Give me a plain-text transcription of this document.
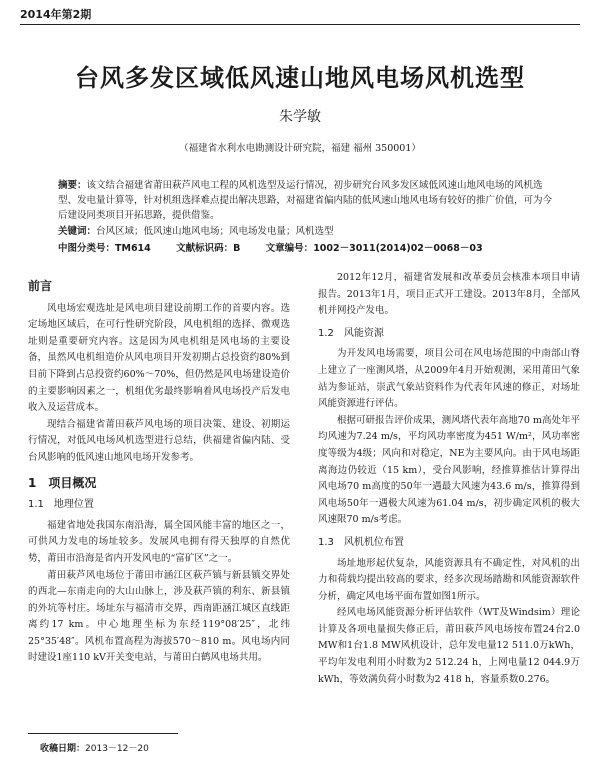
2014年第2期
台风多发区域低风速山地风电场风机选型
朱学敏
（福建省水利水电勘测设计研究院，福建 福州 350001）
摘要：该文结合福建省莆田萩芦风电工程的风机选型及运行情况，初步研究台风多发区域低风速山地风电场的风机选型、发电量计算等，针对机组选择难点提出解决思路，对福建省偏内陆的低风速山地风电场有较好的推广价值，可为今后建设同类项目开拓思路，提供借鉴。
关键词：台风区域；低风速山地风电场；风电场发电量；风机选型
中图分类号：TM614	文献标识码：B	文章编号：1002－3011(2014)02－0068－03
前言

风电场宏观选址是风电项目建设前期工作的首要内容。选定场地区域后，在可行性研究阶段，风电机组的选择、微观选址则是重要研究内容。这是因为风电机组是风电场的主要设备，虽然风电机组造价从风电项目开发初期占总投资约80%到目前下降到占总投资约60%～70%，但仍然是风电场建设造价的主要影响因素之一，机组优劣最终影响着风电场投产后发电收入及运营成本。

现结合福建省莆田萩芦风电场的项目决策、建设、初期运行情况，对低风电场风机选型进行总结，供福建省偏内陆、受台风影响的低风速山地风电场开发参考。

1　项目概况
1.1　地理位置

福建省地处我国东南沿海，属全国风能丰富的地区之一，可供风力发电的场址较多。发展风电拥有得天独厚的自然优势，莆田市沿海是省内开发风电的“富矿区”之一。

莆田萩芦风电场位于莆田市涵江区萩芦镇与新县镇交界处的西北—东南走向的大山山脉上，涉及萩芦镇的利东、新县镇的外坑等村庄。场址东与福清市交界，西南距涵江城区直线距离约17 km。中心地理坐标为东经119°08′25″，北纬25°35′48″。风机布置高程为海拔570～810 m。风电场内同时建设1座110 kV开关变电站，与莆田白鹤风电场共用。

2012年12月，福建省发展和改革委员会核准本项目申请报告。2013年1月，项目正式开工建设。2013年8月，全部风机并网投产发电。

1.2　风能资源

为开发风电场需要，项目公司在风电场范围的中南部山脊上建立了一座测风塔，从2009年4月开始观测，采用莆田气象站为参证站，崇武气象站资料作为代表年风速的修正，对场址风能资源进行评估。

根据可研报告评价成果，测风塔代表年高地70 m高处年平均风速为7.24 m/s，平均风功率密度为451 W/m²，风功率密度等级为4级；风向和对稳定，NE为主要风向。由于风电场距离海边仍较近（15 km），受台风影响，经推算推估计算得出风电场70 m高度的50年一遇最大风速为43.6 m/s，推算得到风电场50年一遇极大风速为61.04 m/s，初步确定风机的极大风速限70 m/s考虑。

1.3　风机机位布置

场址地形起伏复杂，风能资源具有不确定性，对风机的出力和荷载均提出较高的要求，经多次现场踏勘和风能资源软件分析，确定风电场平面布置如图1所示。

经风电场风能资源分析评估软件（WT及Windsim）理论计算及各项电量损失修正后，莆田萩芦风电场按布置24台2.0 MW和1台1.8 MW风机设计，总年发电量12 511.0万kWh，平均年发电利用小时数为2 512.24 h，上网电量12 044.9万kWh，等效满负荷小时数为2 418 h，容量系数0.276。

收稿日期：2013－12－20
